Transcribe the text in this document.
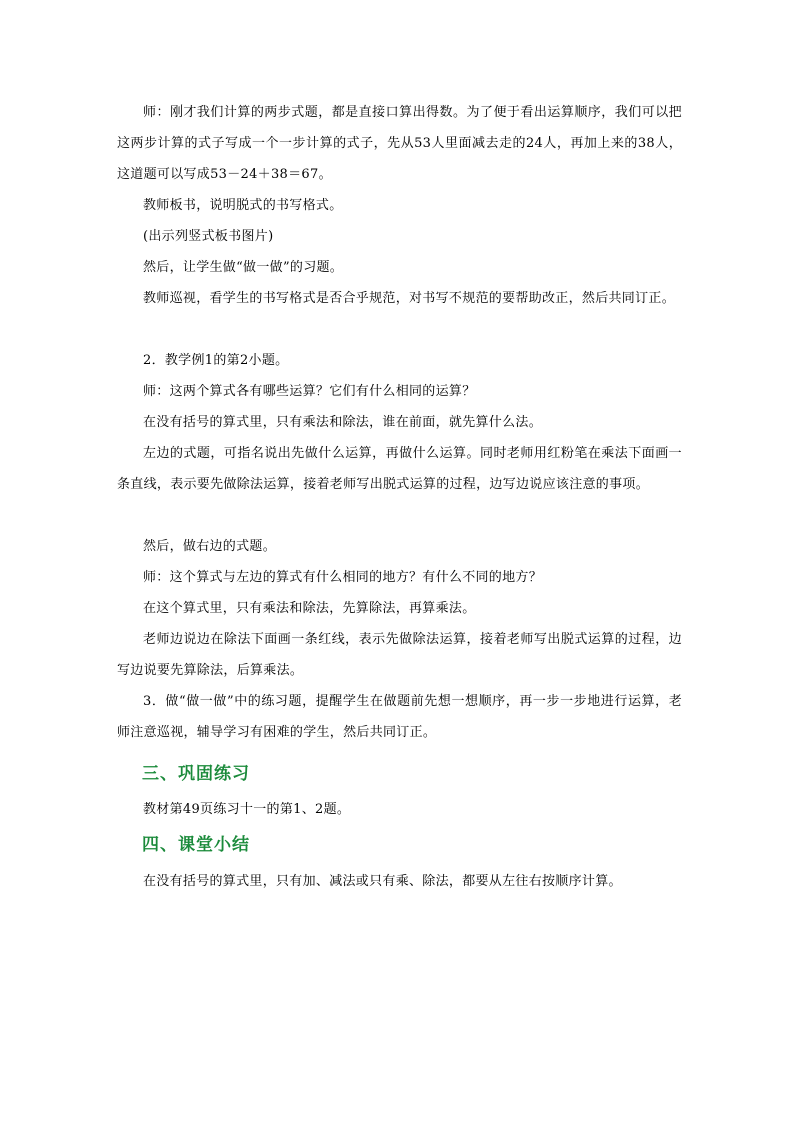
师：刚才我们计算的两步式题，都是直接口算出得数。为了便于看出运算顺序，我们可以把这两步计算的式子写成一个一步计算的式子，先从53人里面减去走的24人，再加上来的38人，这道题可以写成53－24＋38＝67。

教师板书，说明脱式的书写格式。

(出示列竖式板书图片)

然后，让学生做“做一做”的习题。

教师巡视，看学生的书写格式是否合乎规范，对书写不规范的要帮助改正，然后共同订正。

2．教学例1的第2小题。

师：这两个算式各有哪些运算？它们有什么相同的运算？

在没有括号的算式里，只有乘法和除法，谁在前面，就先算什么法。

左边的式题，可指名说出先做什么运算，再做什么运算。同时老师用红粉笔在乘法下面画一条直线，表示要先做除法运算，接着老师写出脱式运算的过程，边写边说应该注意的事项。

然后，做右边的式题。

师：这个算式与左边的算式有什么相同的地方？有什么不同的地方？

在这个算式里，只有乘法和除法，先算除法，再算乘法。

老师边说边在除法下面画一条红线，表示先做除法运算，接着老师写出脱式运算的过程，边写边说要先算除法，后算乘法。

3．做“做一做”中的练习题，提醒学生在做题前先想一想顺序，再一步一步地进行运算，老师注意巡视，辅导学习有困难的学生，然后共同订正。

三、巩固练习

教材第49页练习十一的第1、2题。

四、课堂小结

在没有括号的算式里，只有加、减法或只有乘、除法，都要从左往右按顺序计算。
